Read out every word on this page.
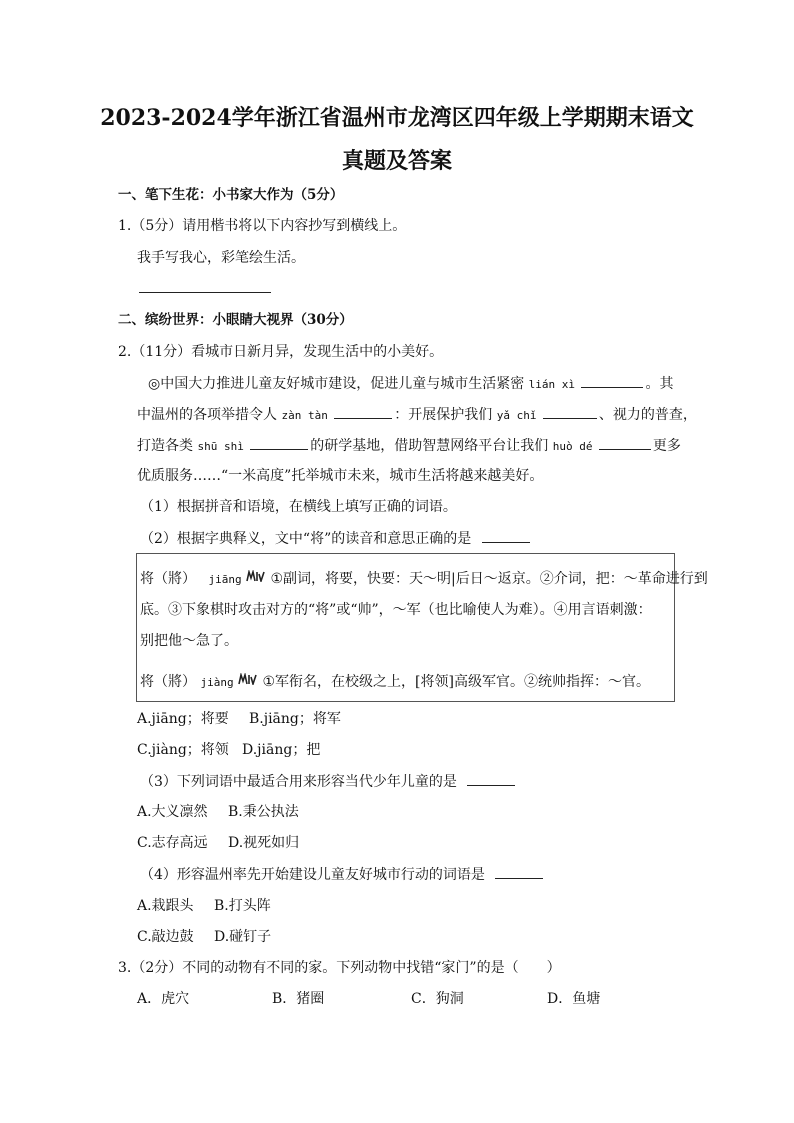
2023-2024学年浙江省温州市龙湾区四年级上学期期末语文
真题及答案
一、笔下生花：小书家大作为（5分）
1.（5分）请用楷书将以下内容抄写到横线上。
我手写我心，彩笔绘生活。
二、缤纷世界：小眼睛大视界（30分）
2.（11分）看城市日新月异，发现生活中的小美好。
◎中国大力推进儿童友好城市建设，促进儿童与城市生活紧密 lián xì	。其
中温州的各项举措令人 zàn tàn	：开展保护我们 yǎ chǐ	、视力的普查，
打造各类 shū shì	的研学基地，借助智慧网络平台让我们 huò dé	更多
优质服务……“一米高度”托举城市未来，城市生活将越来越美好。
（1）根据拼音和语境，在横线上填写正确的词语。
（2）根据字典释义，文中“将”的读音和意思正确的是
将（將） jiāng ①副词，将要，快要：天～明|后日～返京。②介词，把：～革命进行到
底。③下象棋时攻击对方的“将”或“帅”，～军（也比喻使人为难）。④用言语刺激：
别把他～急了。
将（將） jiàng ①军衔名，在校级之上，[将领]高级军官。②统帅指挥：～官。
A.jiāng；将要 B.jiāng；将军
C.jiàng；将领 D.jiāng；把
（3）下列词语中最适合用来形容当代少年儿童的是
A.大义凛然 B.秉公执法
C.志存高远 D.视死如归
（4）形容温州率先开始建设儿童友好城市行动的词语是
A.栽跟头 B.打头阵
C.敲边鼓 D.碰钉子
3.（2分）不同的动物有不同的家。下列动物中找错“家门”的是（　　）
A．虎穴	B．猪圈	C．狗洞	D．鱼塘
